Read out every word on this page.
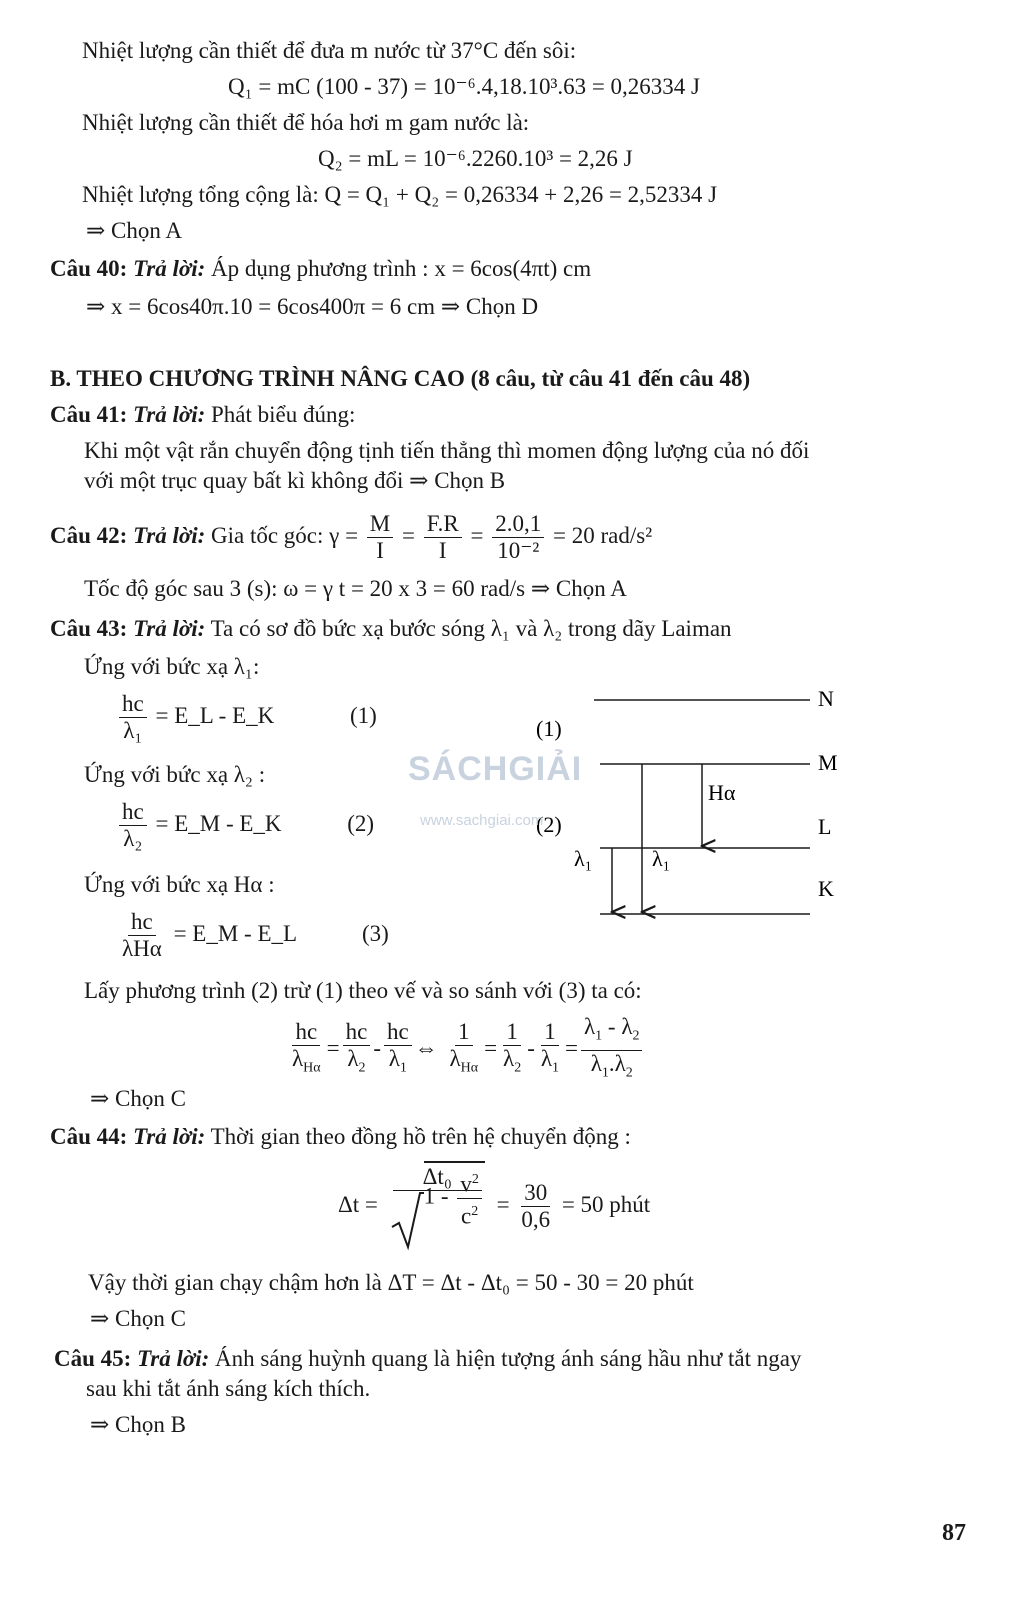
Nhiệt lượng cần thiết để đưa m nước từ 37°C đến sôi:
Q₁ = mC (100 - 37) = 10⁻⁶.4,18.10³.63 = 0,26334 J
Nhiệt lượng cần thiết để hóa hơi m gam nước là:
Q₂ = mL = 10⁻⁶.2260.10³ = 2,26 J
Nhiệt lượng tổng cộng là: Q = Q₁ + Q₂ = 0,26334 + 2,26 = 2,52334 J
⇒ Chọn A
Câu 40: Trả lời: Áp dụng phương trình : x = 6cos(4πt) cm
⇒ x = 6cos40π.10 = 6cos400π = 6 cm ⇒ Chọn D
B. THEO CHƯƠNG TRÌNH NÂNG CAO (8 câu, từ câu 41 đến câu 48)
Câu 41: Trả lời: Phát biểu đúng:
Khi một vật rắn chuyển động tịnh tiến thẳng thì momen động lượng của nó đối
với một trục quay bất kì không đổi ⇒ Chọn B
Câu 42: Trả lời: Gia tốc góc: $\gamma = \frac{M}{I} = \frac{F.R}{I} = \frac{2.0,1}{\text{10⁻²}} = 20$ rad/s²
Tốc độ góc sau 3 (s): ω = γ t = 20 x 3 = 60 rad/s ⇒ Chọn A
Câu 43: Trả lời: Ta có sơ đồ bức xạ bước sóng λ₁ và λ₂ trong dãy Laiman
Ứng với bức xạ λ₁:
$\frac{hc}{\text{λ₁}}$ = E_L - E_K	(1)
Ứng với bức xạ λ₂ :
$\frac{hc}{\text{λ₂}}$ = E_M - E_K	(2)
Ứng với bức xạ Hα :
$\frac{hc}{\text{λHα}}$ = E_M - E_L	(3)
Lấy phương trình (2) trừ (1) theo vế và so sánh với (3) ta có:
$\frac{hc}{\lambda_{H\alpha}} = \frac{hc}{\lambda_2} - \frac{hc}{\lambda_1}$ ⇔ $\frac{1}{\lambda_{H\alpha}} = \frac{1}{\lambda_2} - \frac{1}{\lambda_1} = \frac{\lambda_1 - \lambda_2}{\lambda_1.\lambda_2}$
⇒ Chọn C
Câu 44: Trả lời: Thời gian theo đồng hồ trên hệ chuyển động :
$\Delta t = \frac{\text{Δt₀}}{1 - \frac{v^2}{c^2}} = \frac{30}{0,6} = 50$ phút
Vậy thời gian chạy chậm hơn là ΔT = Δt - Δt₀ = 50 - 30 = 20 phút
⇒ Chọn C
Câu 45: Trả lời: Ánh sáng huỳnh quang là hiện tượng ánh sáng hầu như tắt ngay
sau khi tắt ánh sáng kích thích.
⇒ Chọn B
N
M
L
K
(1)
(2)
λ₁	λ₁
Hα
SÁCHGIẢI
www.sachgiai.com
87
